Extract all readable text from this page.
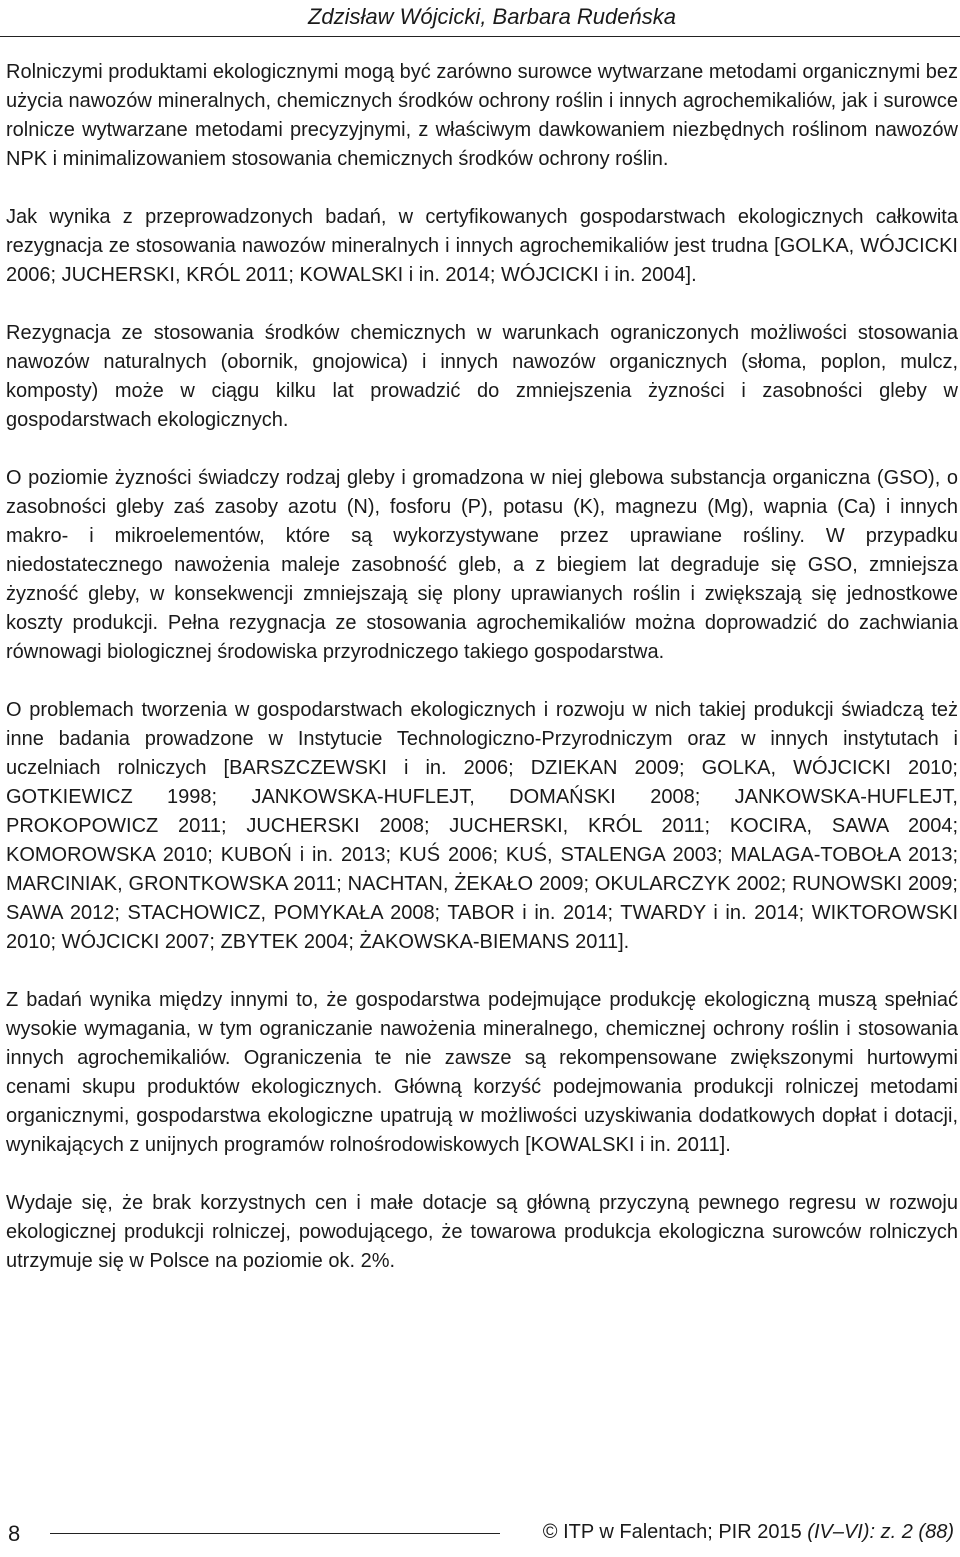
Zdzisław Wójcicki, Barbara Rudeńska

Rolniczymi produktami ekologicznymi mogą być zarówno surowce wytwarzane metodami organicznymi bez użycia nawozów mineralnych, chemicznych środków ochrony roślin i innych agrochemikaliów, jak i surowce rolnicze wytwarzane metodami precyzyjnymi, z właściwym dawkowaniem niezbędnych roślinom nawozów NPK i minimalizowaniem stosowania chemicznych środków ochrony roślin.

Jak wynika z przeprowadzonych badań, w certyfikowanych gospodarstwach ekologicznych całkowita rezygnacja ze stosowania nawozów mineralnych i innych agrochemikaliów jest trudna [GOLKA, WÓJCICKI 2006; JUCHERSKI, KRÓL 2011; KOWALSKI i in. 2014; WÓJCICKI i in. 2004].

Rezygnacja ze stosowania środków chemicznych w warunkach ograniczonych możliwości stosowania nawozów naturalnych (obornik, gnojowica) i innych nawozów organicznych (słoma, poplon, mulcz, komposty) może w ciągu kilku lat prowadzić do zmniejszenia żyzności i zasobności gleby w gospodarstwach ekologicznych.

O poziomie żyzności świadczy rodzaj gleby i gromadzona w niej glebowa substancja organiczna (GSO), o zasobności gleby zaś zasoby azotu (N), fosforu (P), potasu (K), magnezu (Mg), wapnia (Ca) i innych makro- i mikroelementów, które są wykorzystywane przez uprawiane rośliny. W przypadku niedostatecznego nawożenia maleje zasobność gleb, a z biegiem lat degraduje się GSO, zmniejsza żyzność gleby, w konsekwencji zmniejszają się plony uprawianych roślin i zwiększają się jednostkowe koszty produkcji. Pełna rezygnacja ze stosowania agrochemikaliów można doprowadzić do zachwiania równowagi biologicznej środowiska przyrodniczego takiego gospodarstwa.

O problemach tworzenia w gospodarstwach ekologicznych i rozwoju w nich takiej produkcji świadczą też inne badania prowadzone w Instytucie Technologiczno-Przyrodniczym oraz w innych instytutach i uczelniach rolniczych [BARSZCZEWSKI i in. 2006; DZIEKAN 2009; GOLKA, WÓJCICKI 2010; GOTKIEWICZ 1998; JANKOWSKA-HUFLEJT, DOMAŃSKI 2008; JANKOWSKA-HUFLEJT, PROKOPOWICZ 2011; JUCHERSKI 2008; JUCHERSKI, KRÓL 2011; KOCIRA, SAWA 2004; KOMOROWSKA 2010; KUBOŃ i in. 2013; KUŚ 2006; KUŚ, STALENGA 2003; MALAGA-TOBOŁA 2013; MARCINIAK, GRONTKOWSKA 2011; NACHTAN, ŻEKAŁO 2009; OKULARCZYK 2002; RUNOWSKI 2009; SAWA 2012; STACHOWICZ, POMYKAŁA 2008; TABOR i in. 2014; TWARDY i in. 2014; WIKTOROWSKI 2010; WÓJCICKI 2007; ZBYTEK 2004; ŻAKOWSKA-BIEMANS 2011].

Z badań wynika między innymi to, że gospodarstwa podejmujące produkcję ekologiczną muszą spełniać wysokie wymagania, w tym ograniczanie nawożenia mineralnego, chemicznej ochrony roślin i stosowania innych agrochemikaliów. Ograniczenia te nie zawsze są rekompensowane zwiększonymi hurtowymi cenami skupu produktów ekologicznych. Główną korzyść podejmowania produkcji rolniczej metodami organicznymi, gospodarstwa ekologiczne upatrują w możliwości uzyskiwania dodatkowych dopłat i dotacji, wynikających z unijnych programów rolnośrodowiskowych [KOWALSKI i in. 2011].

Wydaje się, że brak korzystnych cen i małe dotacje są główną przyczyną pewnego regresu w rozwoju ekologicznej produkcji rolniczej, powodującego, że towarowa produkcja ekologiczna surowców rolniczych utrzymuje się w Polsce na poziomie ok. 2%.

8	© ITP w Falentach; PIR 2015 (IV–VI): z. 2 (88)
